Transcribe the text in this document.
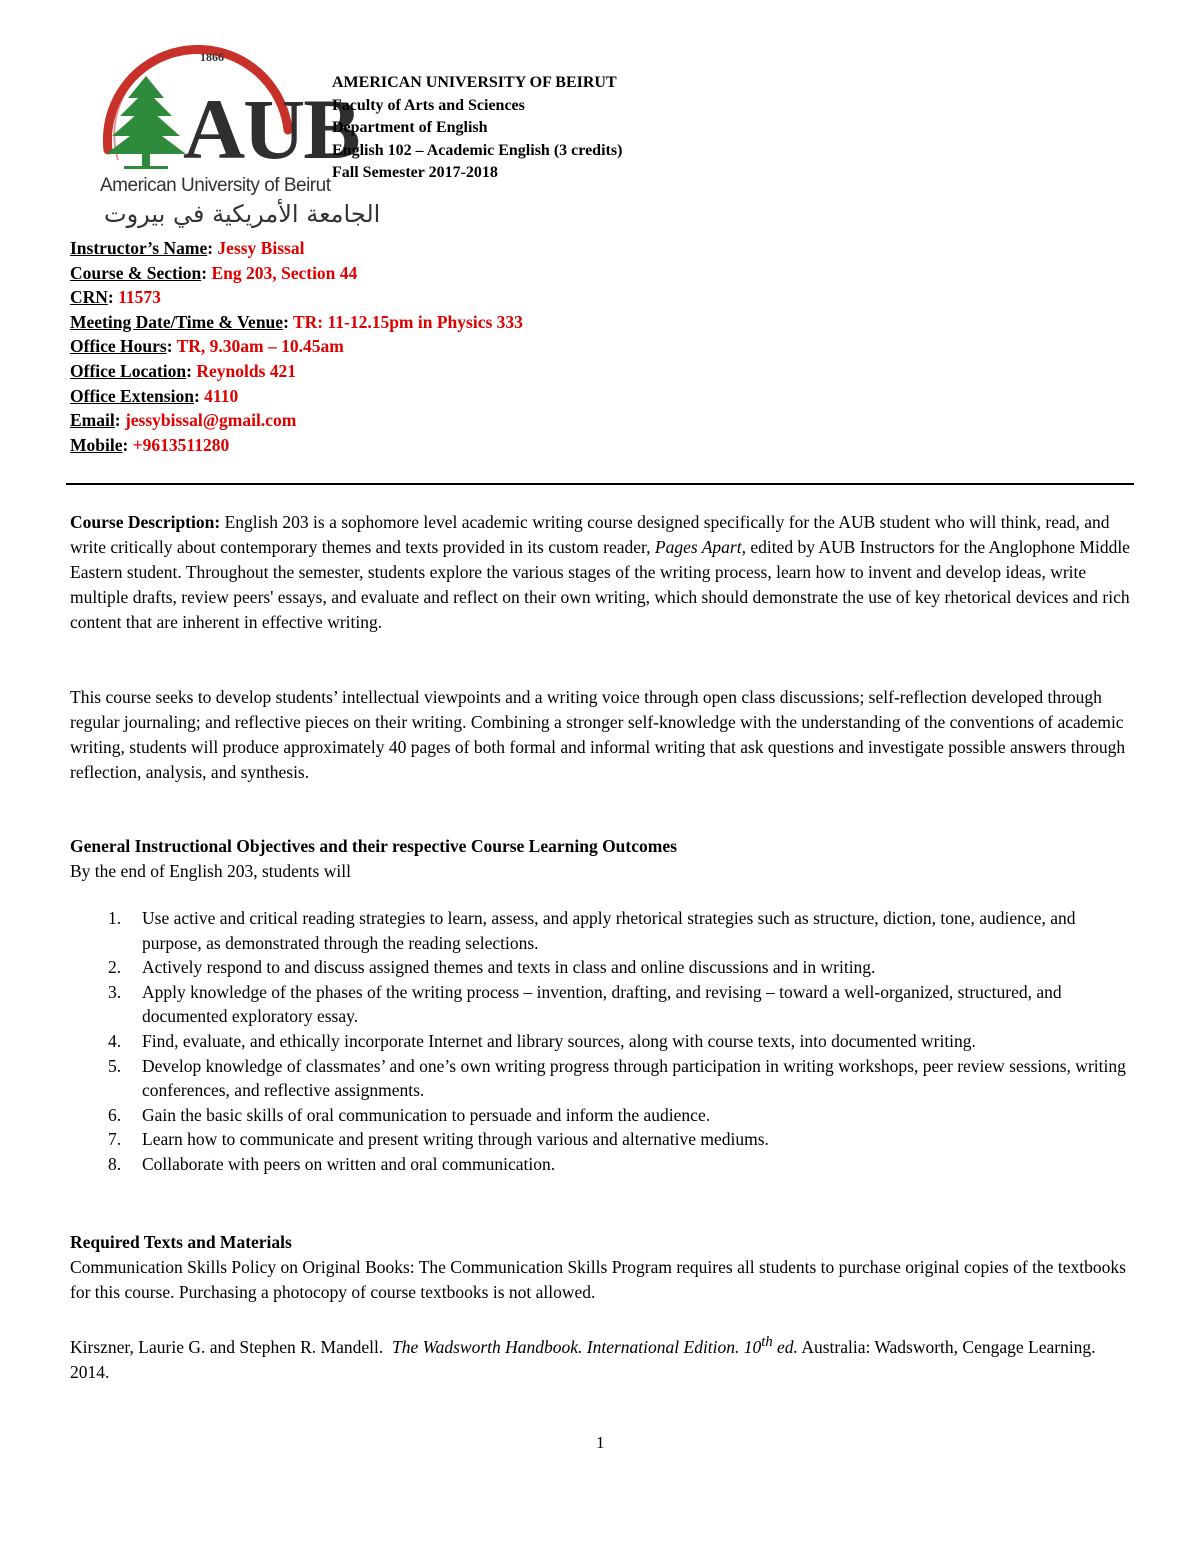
1866
AUB
American University of Beirut
الجامعة الأمريكية في بيروت
AMERICAN UNIVERSITY OF BEIRUT
Faculty of Arts and Sciences
Department of English
English 102 – Academic English (3 credits)
Fall Semester 2017-2018
Instructor’s Name: Jessy Bissal
Course & Section: Eng 203, Section 44
CRN: 11573
Meeting Date/Time & Venue: TR: 11-12.15pm in Physics 333
Office Hours: TR, 9.30am – 10.45am
Office Location: Reynolds 421
Office Extension: 4110
Email: jessybissal@gmail.com
Mobile: +9613511280

Course Description: English 203 is a sophomore level academic writing course designed specifically for the AUB student who will think, read, and write critically about contemporary themes and texts provided in its custom reader, Pages Apart, edited by AUB Instructors for the Anglophone Middle Eastern student. Throughout the semester, students explore the various stages of the writing process, learn how to invent and develop ideas, write multiple drafts, review peers' essays, and evaluate and reflect on their own writing, which should demonstrate the use of key rhetorical devices and rich content that are inherent in effective writing.

This course seeks to develop students’ intellectual viewpoints and a writing voice through open class discussions; self-reflection developed through regular journaling; and reflective pieces on their writing. Combining a stronger self-knowledge with the understanding of the conventions of academic writing, students will produce approximately 40 pages of both formal and informal writing that ask questions and investigate possible answers through reflection, analysis, and synthesis.

General Instructional Objectives and their respective Course Learning Outcomes

By the end of English 203, students will

1. Use active and critical reading strategies to learn, assess, and apply rhetorical strategies such as structure, diction, tone, audience, and purpose, as demonstrated through the reading selections.
2. Actively respond to and discuss assigned themes and texts in class and online discussions and in writing.
3. Apply knowledge of the phases of the writing process – invention, drafting, and revising – toward a well-organized, structured, and documented exploratory essay.
4. Find, evaluate, and ethically incorporate Internet and library sources, along with course texts, into documented writing.
5. Develop knowledge of classmates’ and one’s own writing progress through participation in writing workshops, peer review sessions, writing conferences, and reflective assignments.
6. Gain the basic skills of oral communication to persuade and inform the audience.
7. Learn how to communicate and present writing through various and alternative mediums.
8. Collaborate with peers on written and oral communication.

Required Texts and Materials

Communication Skills Policy on Original Books: The Communication Skills Program requires all students to purchase original copies of the textbooks for this course. Purchasing a photocopy of course textbooks is not allowed.

Kirszner, Laurie G. and Stephen R. Mandell. The Wadsworth Handbook. International Edition. 10th ed. Australia: Wadsworth, Cengage Learning. 2014.

1
